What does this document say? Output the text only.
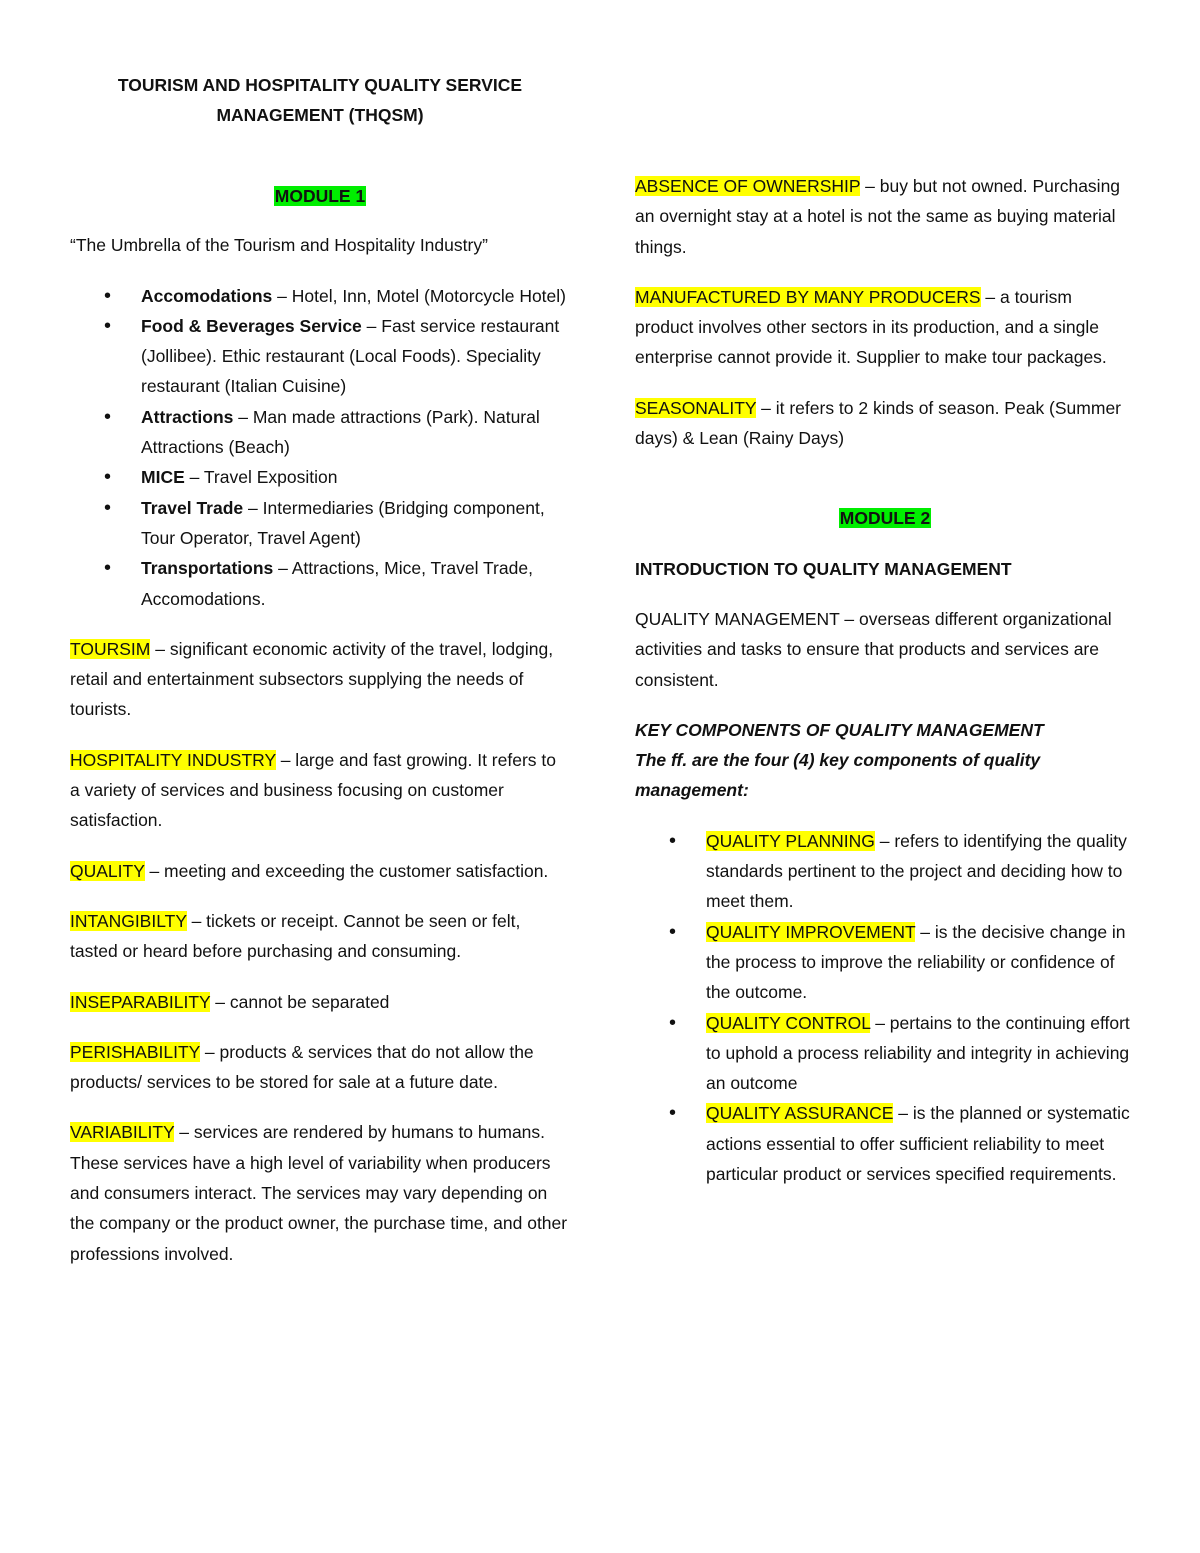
TOURISM AND HOSPITALITY QUALITY SERVICE
MANAGEMENT (THQSM)

MODULE 1

“The Umbrella of the Tourism and Hospitality Industry”

• Accomodations – Hotel, Inn, Motel (Motorcycle Hotel)
• Food & Beverages Service – Fast service restaurant (Jollibee). Ethic restaurant (Local Foods). Speciality restaurant (Italian Cuisine)
• Attractions – Man made attractions (Park). Natural Attractions (Beach)
• MICE – Travel Exposition
• Travel Trade – Intermediaries (Bridging component, Tour Operator, Travel Agent)
• Transportations – Attractions, Mice, Travel Trade, Accomodations.

TOURSIM – significant economic activity of the travel, lodging, retail and entertainment subsectors supplying the needs of tourists.

HOSPITALITY INDUSTRY – large and fast growing. It refers to a variety of services and business focusing on customer satisfaction.

QUALITY – meeting and exceeding the customer satisfaction.

INTANGIBILTY – tickets or receipt. Cannot be seen or felt, tasted or heard before purchasing and consuming.

INSEPARABILITY – cannot be separated

PERISHABILITY – products & services that do not allow the products/ services to be stored for sale at a future date.

VARIABILITY – services are rendered by humans to humans. These services have a high level of variability when producers and consumers interact. The services may vary depending on the company or the product owner, the purchase time, and other professions involved.

ABSENCE OF OWNERSHIP – buy but not owned. Purchasing an overnight stay at a hotel is not the same as buying material things.

MANUFACTURED BY MANY PRODUCERS – a tourism product involves other sectors in its production, and a single enterprise cannot provide it. Supplier to make tour packages.

SEASONALITY – it refers to 2 kinds of season. Peak (Summer days) & Lean (Rainy Days)

MODULE 2

INTRODUCTION TO QUALITY MANAGEMENT

QUALITY MANAGEMENT – overseas different organizational activities and tasks to ensure that products and services are consistent.

KEY COMPONENTS OF QUALITY MANAGEMENT

The ff. are the four (4) key components of quality management:

• QUALITY PLANNING – refers to identifying the quality standards pertinent to the project and deciding how to meet them.
• QUALITY IMPROVEMENT – is the decisive change in the process to improve the reliability or confidence of the outcome.
• QUALITY CONTROL – pertains to the continuing effort to uphold a process reliability and integrity in achieving an outcome
• QUALITY ASSURANCE – is the planned or systematic actions essential to offer sufficient reliability to meet particular product or services specified requirements.
